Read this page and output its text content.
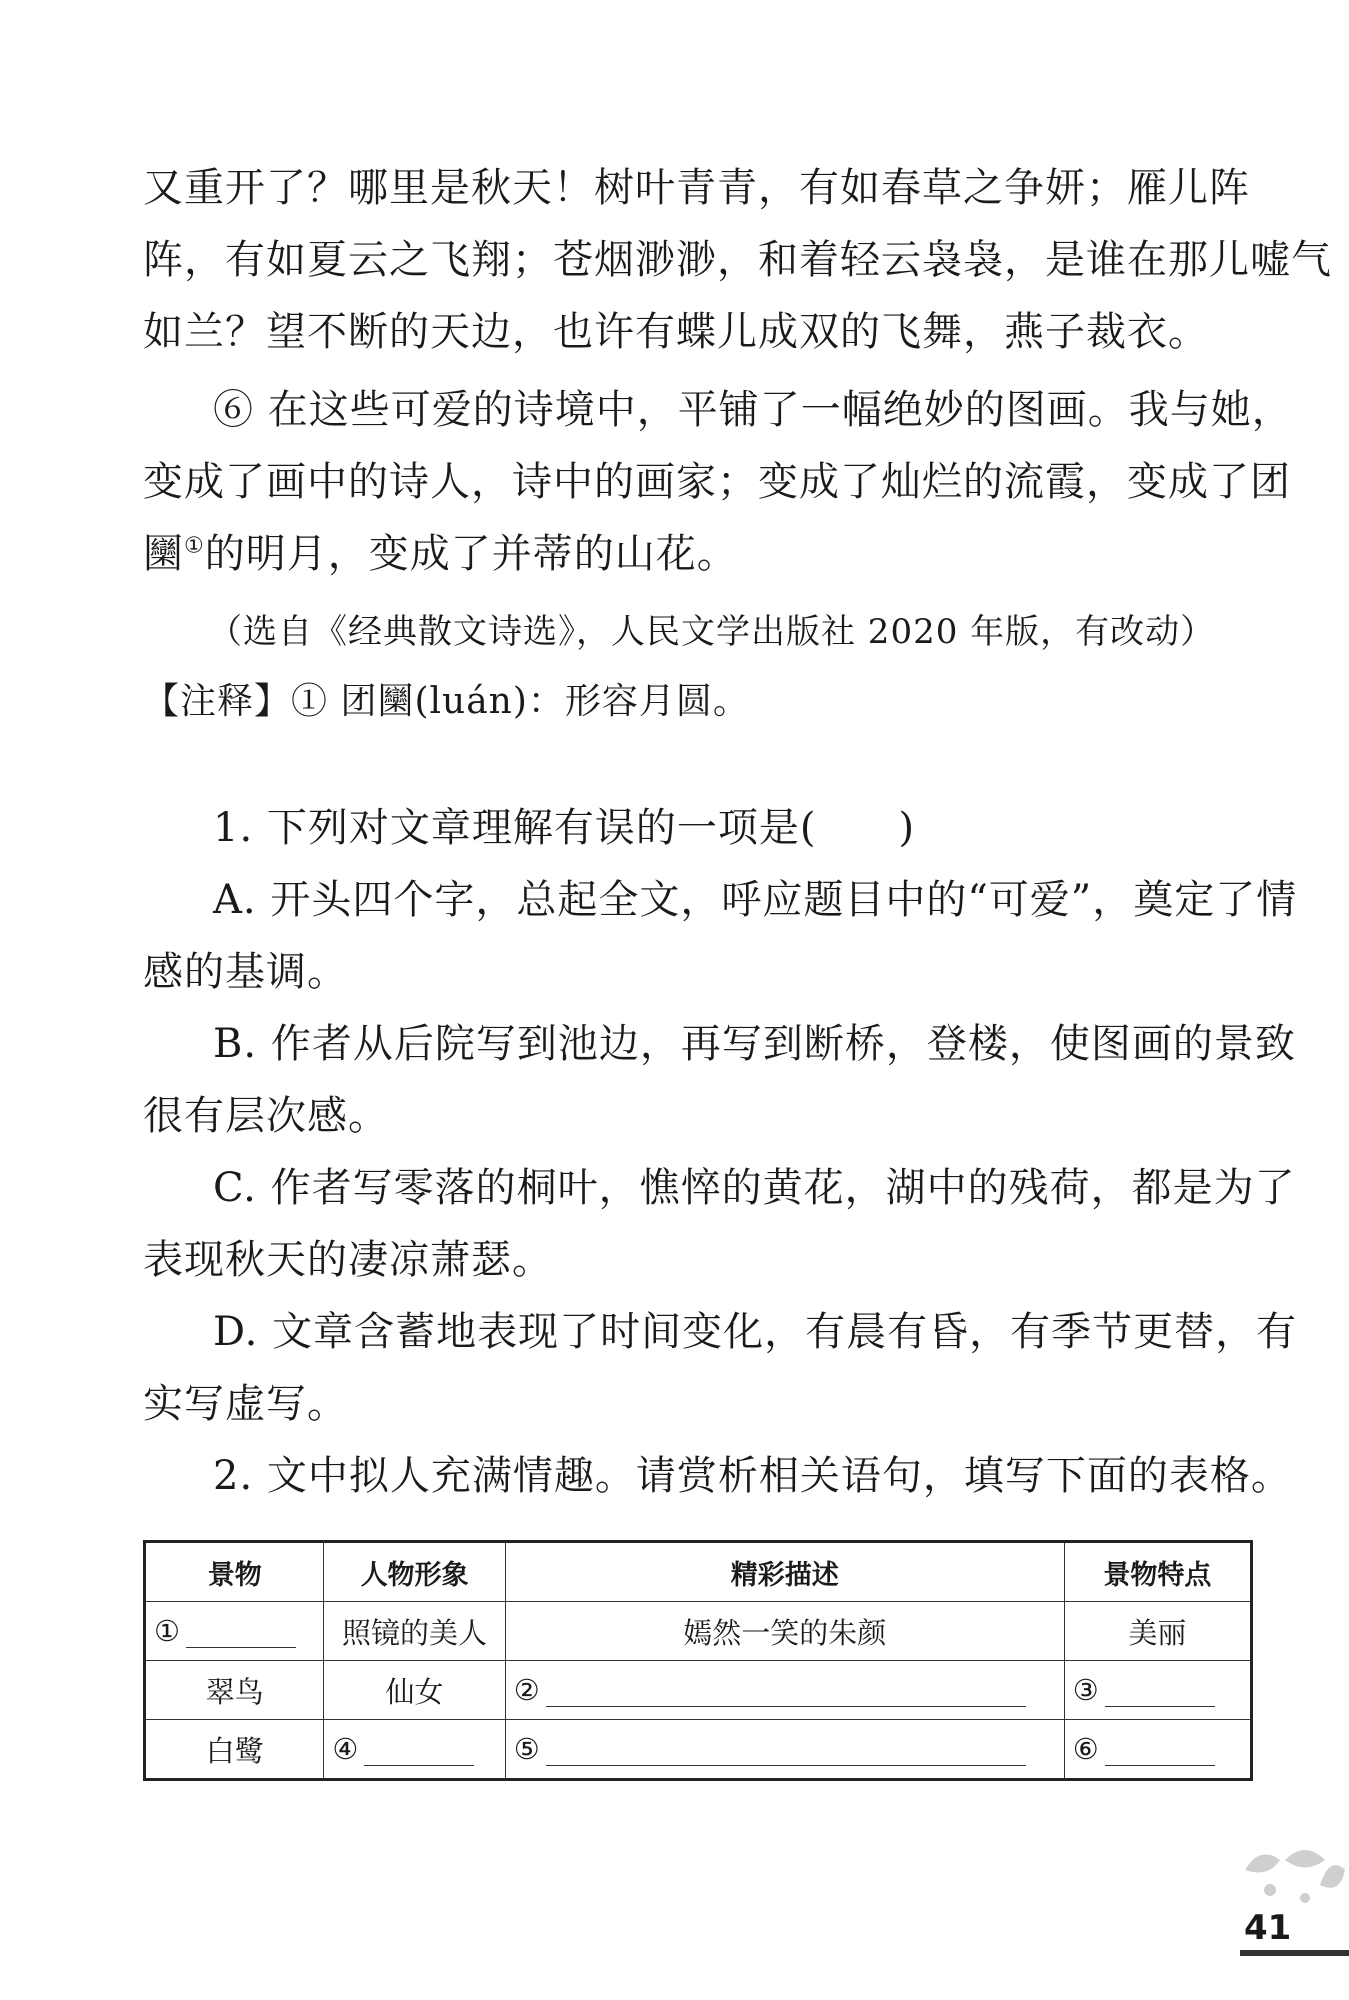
又重开了？哪里是秋天！树叶青青，有如春草之争妍；雁儿阵
阵，有如夏云之飞翔；苍烟渺渺，和着轻云袅袅，是谁在那儿嘘气
如兰？望不断的天边，也许有蝶儿成双的飞舞，燕子裁衣。
⑥ 在这些可爱的诗境中，平铺了一幅绝妙的图画。我与她，
变成了画中的诗人，诗中的画家；变成了灿烂的流霞，变成了团
圞①的明月，变成了并蒂的山花。
（选自《经典散文诗选》，人民文学出版社 2020 年版，有改动）
【注释】① 团圞(luán)：形容月圆。
1. 下列对文章理解有误的一项是(　　)
A. 开头四个字，总起全文，呼应题目中的“可爱”，奠定了情
感的基调。
B. 作者从后院写到池边，再写到断桥，登楼，使图画的景致
很有层次感。
C. 作者写零落的桐叶，憔悴的黄花，湖中的残荷，都是为了
表现秋天的凄凉萧瑟。
D. 文章含蓄地表现了时间变化，有晨有昏，有季节更替，有
实写虚写。
2. 文中拟人充满情趣。请赏析相关语句，填写下面的表格。
景物	人物形象	精彩描述	景物特点
①	照镜的美人	嫣然一笑的朱颜	美丽
翠鸟	仙女	②	③
白鹭	④	⑤	⑥
41
